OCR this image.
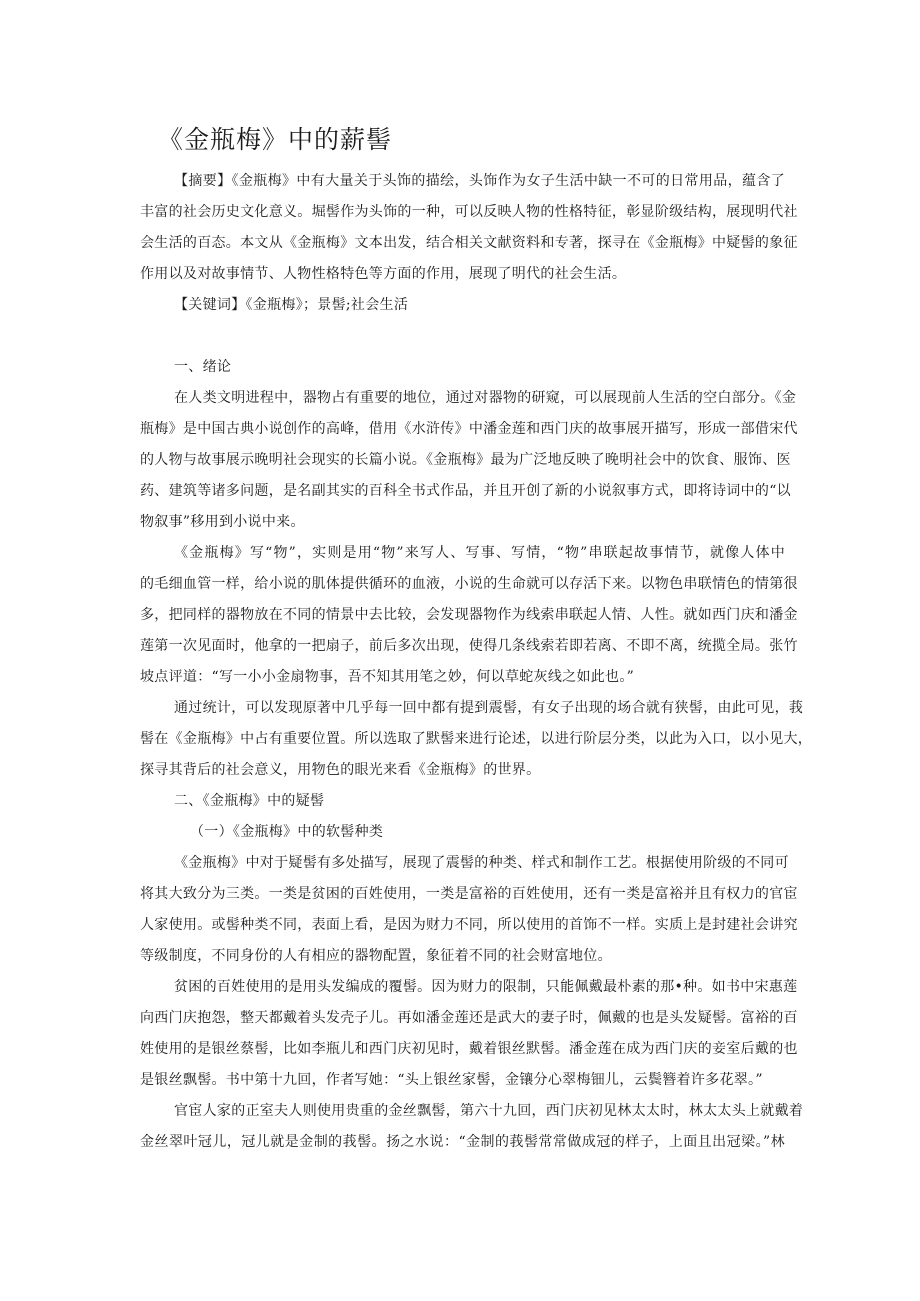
《金瓶梅》中的薪髻
【摘要】《金瓶梅》中有大量关于头饰的描绘，头饰作为女子生活中缺一不可的日常用品，蕴含了
丰富的社会历史文化意义。堀髻作为头饰的一种，可以反映人物的性格特征，彰显阶级结构，展现明代社
会生活的百态。本文从《金瓶梅》文本出发，结合相关文献资料和专著，探寻在《金瓶梅》中疑髻的象征
作用以及对故事情节、人物性格特色等方面的作用，展现了明代的社会生活。
【关键词】《金瓶梅》；景髻;社会生活
一、绪论
在人类文明进程中，器物占有重要的地位，通过对器物的研窥，可以展现前人生活的空白部分。《金
瓶梅》是中国古典小说创作的高峰，借用《水浒传》中潘金莲和西门庆的故事展开描写，形成一部借宋代
的人物与故事展示晚明社会现实的长篇小说。《金瓶梅》最为广泛地反映了晚明社会中的饮食、服饰、医
药、建筑等诸多问题，是名副其实的百科全书式作品，并且开创了新的小说叙事方式，即将诗词中的“以
物叙事”移用到小说中来。
《金瓶梅》写“物”，实则是用“物”来写人、写事、写情，“物”串联起故事情节，就像人体中
的毛细血管一样，给小说的肌体提供循环的血液，小说的生命就可以存活下来。以物色串联情色的情第很
多，把同样的器物放在不同的情景中去比较，会发现器物作为线索串联起人情、人性。就如西门庆和潘金
莲第一次见面时，他拿的一把扇子，前后多次出现，使得几条线索若即若离、不即不离，统揽全局。张竹
坡点评道：“写一小小金扇物事，吾不知其用笔之妙，何以草蛇灰线之如此也。”
通过统计，可以发现原著中几乎每一回中都有提到震髻，有女子出现的场合就有狭髻，由此可见，莪
髻在《金瓶梅》中占有重要位置。所以选取了默髻来进行论述，以进行阶层分类，以此为入口，以小见大，
探寻其背后的社会意义，用物色的眼光来看《金瓶梅》的世界。
二、《金瓶梅》中的疑髻
（一）《金瓶梅》中的软髻种类
《金瓶梅》中对于疑髻有多处描写，展现了震髻的种类、样式和制作工艺。根据使用阶级的不同可
将其大致分为三类。一类是贫困的百姓使用，一类是富裕的百姓使用，还有一类是富裕并且有权力的官宦
人家使用。或髻种类不同，表面上看，是因为财力不同，所以使用的首饰不一样。实质上是封建社会讲究
等级制度，不同身份的人有相应的器物配置，象征着不同的社会财富地位。
贫困的百姓使用的是用头发编成的覆髻。因为财力的限制，只能佩戴最朴素的那•种。如书中宋惠莲
向西门庆抱怨，整天都戴着头发壳子儿。再如潘金莲还是武大的妻子时，佩戴的也是头发疑髻。富裕的百
姓使用的是银丝蔡髻，比如李瓶儿和西门庆初见时，戴着银丝默髻。潘金莲在成为西门庆的妾室后戴的也
是银丝飘髻。书中第十九回，作者写她：“头上银丝家髻，金镶分心翠梅钿儿，云鬓簪着许多花翠。”
官宦人家的正室夫人则使用贵重的金丝飘髻，第六十九回，西门庆初见林太太时，林太太头上就戴着
金丝翠叶冠儿，冠儿就是金制的莪髻。扬之水说：“金制的莪髻常常做成冠的样子，上面且出冠梁。”林
